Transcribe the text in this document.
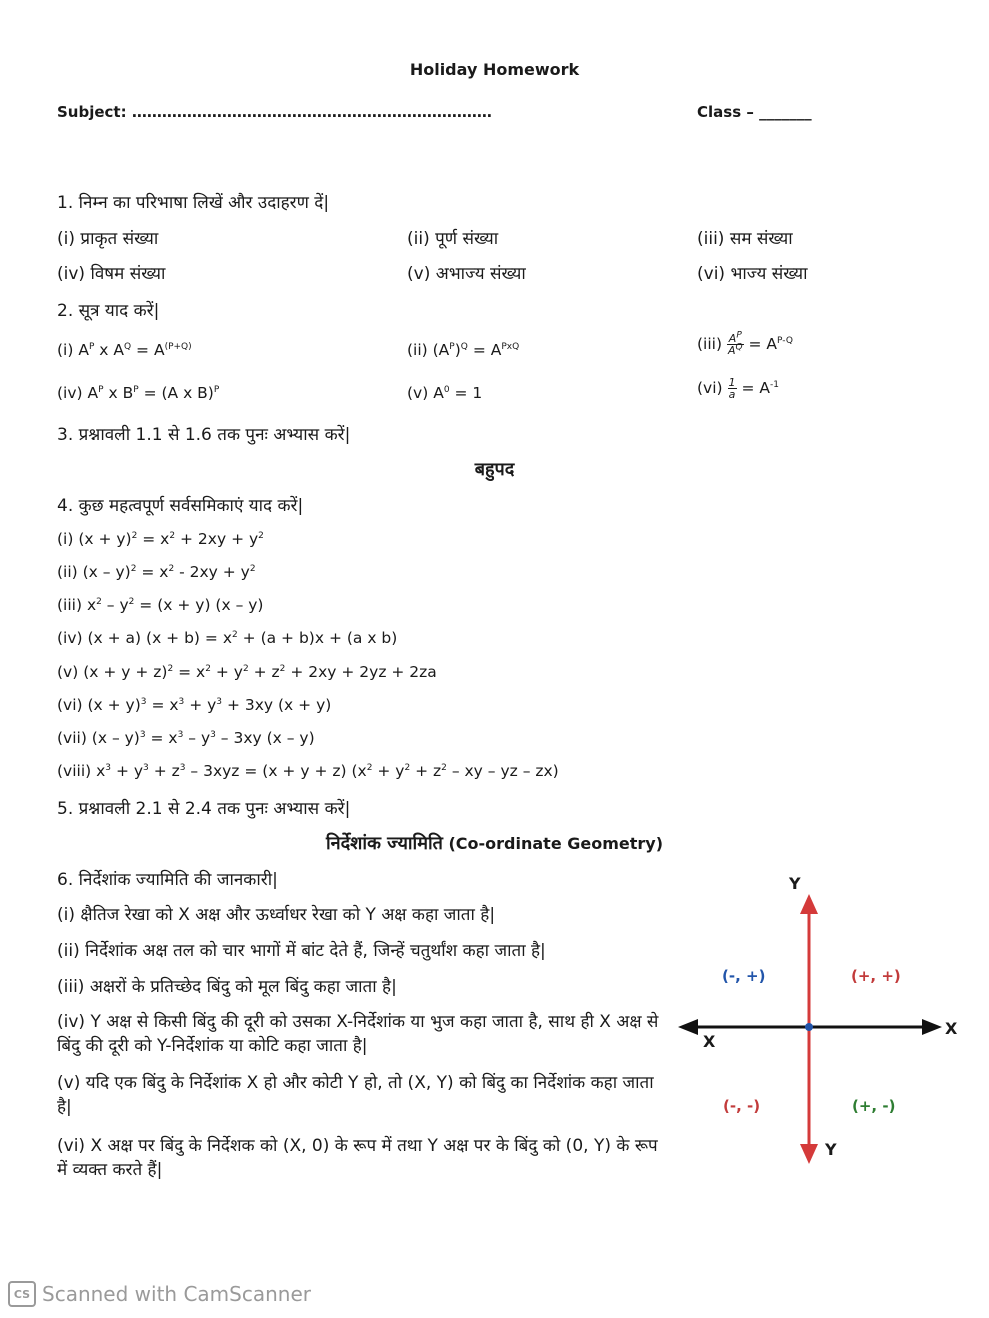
Holiday Homework
Subject: ………………………………………………………………	Class – _______
1. निम्न का परिभाषा लिखें और उदाहरण दें|
(i) प्राकृत संख्या	(ii) पूर्ण संख्या	(iii) सम संख्या
(iv) विषम संख्या	(v) अभाज्य संख्या	(vi) भाज्य संख्या
2. सूत्र याद करें|
(i) $A^P$ x $A^Q = A^{(P+Q)}$	(ii) $(A^P)^Q = A^{PxQ}$	$(iii) \frac{A^P}{A^Q} = A^{P-Q}$
(iv) $A^P$ x $B^P = (A$ x B)$^P$	(v) $A^0 = 1$	$(vi) \frac{1}{a} = A^{-1}$
3. प्रश्नावली 1.1 से 1.6 तक पुनः अभ्यास करें|
बहुपद
4. कुछ महत्वपूर्ण सर्वसमिकाएं याद करें|
(i) $(x + y)^2 = x^2 + 2xy + y^2$
(ii) $(x - y)^2 = x^2 - 2xy + y^2$
(iii) $x^2 - y^2 = (x + y)$ (x – y)
(iv) (x + a) $(x + b) = x^2 + (a + b)x + (a$ x b)
(v) $(x + y + z)^2 = x^2 + y^2 + z^2 + 2xy + 2yz + 2za$
(vi) $(x + y)^3 = x^3 + y^3 + 3xy$ (x + y)
(vii) $(x - y)^3 = x^3 - y^3 - 3xy$ (x – y)
(viii) $x^3 + y^3 + z^3 - 3xyz = (x + y + z) (x^2 + y^2 + z^2$ – xy – yz – zx)
5. प्रश्नावली 2.1 से 2.4 तक पुनः अभ्यास करें|
निर्देशांक ज्यामिति (Co-ordinate Geometry)
6. निर्देशांक ज्यामिति की जानकारी|
(i) क्षैतिज रेखा को X अक्ष और ऊर्ध्वाधर रेखा को Y अक्ष कहा जाता है|
(ii) निर्देशांक अक्ष तल को चार भागों में बांट देते हैं, जिन्हें चतुर्थांश कहा जाता है|
(iii) अक्षरों के प्रतिच्छेद बिंदु को मूल बिंदु कहा जाता है|
(iv) Y अक्ष से किसी बिंदु की दूरी को उसका X-निर्देशांक या भुज कहा जाता है, साथ ही X अक्ष से बिंदु की दूरी को Y-निर्देशांक या कोटि कहा जाता है|
(v) यदि एक बिंदु के निर्देशांक X हो और कोटी Y हो, तो (X, Y) को बिंदु का निर्देशांक कहा जाता है|
(vi) X अक्ष पर बिंदु के निर्देशक को (X, 0) के रूप में तथा Y अक्ष पर के बिंदु को (0, Y) के रूप में व्यक्त करते हैं|
Y
Y
X
X
(-, +)	(+, +)
(-, -)	(+, -)
CS Scanned with CamScanner
